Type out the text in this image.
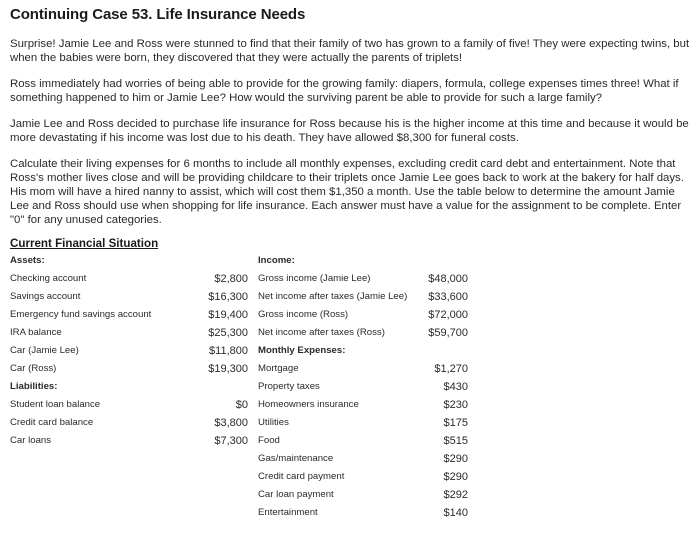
Continuing Case 53. Life Insurance Needs

Surprise! Jamie Lee and Ross were stunned to find that their family of two has grown to a family of five! They were expecting twins, but when the babies were born, they discovered that they were actually the parents of triplets!

Ross immediately had worries of being able to provide for the growing family: diapers, formula, college expenses times three! What if something happened to him or Jamie Lee? How would the surviving parent be able to provide for such a large family?

Jamie Lee and Ross decided to purchase life insurance for Ross because his is the higher income at this time and because it would be more devastating if his income was lost due to his death. They have allowed $8,300 for funeral costs.

Calculate their living expenses for 6 months to include all monthly expenses, excluding credit card debt and entertainment. Note that Ross's mother lives close and will be providing childcare to their triplets once Jamie Lee goes back to work at the bakery for half days. His mom will have a hired nanny to assist, which will cost them $1,350 a month. Use the table below to determine the amount Jamie Lee and Ross should use when shopping for life insurance. Each answer must have a value for the assignment to be complete. Enter "0" for any unused categories.

Current Financial Situation
Assets:
Checking account	$2,800
Savings account	$16,300
Emergency fund savings account	$19,400
IRA balance	$25,300
Car (Jamie Lee)	$11,800
Car (Ross)	$19,300
Liabilities:
Student loan balance	$0
Credit card balance	$3,800
Car loans	$7,300
Income:
Gross income (Jamie Lee)	$48,000
Net income after taxes (Jamie Lee) $33,600
Gross income (Ross)	$72,000
Net income after taxes (Ross)	$59,700
Monthly Expenses:
Mortgage	$1,270
Property taxes	$430
Homeowners insurance	$230
Utilities	$175
Food	$515
Gas/maintenance	$290
Credit card payment	$290
Car loan payment	$292
Entertainment	$140
